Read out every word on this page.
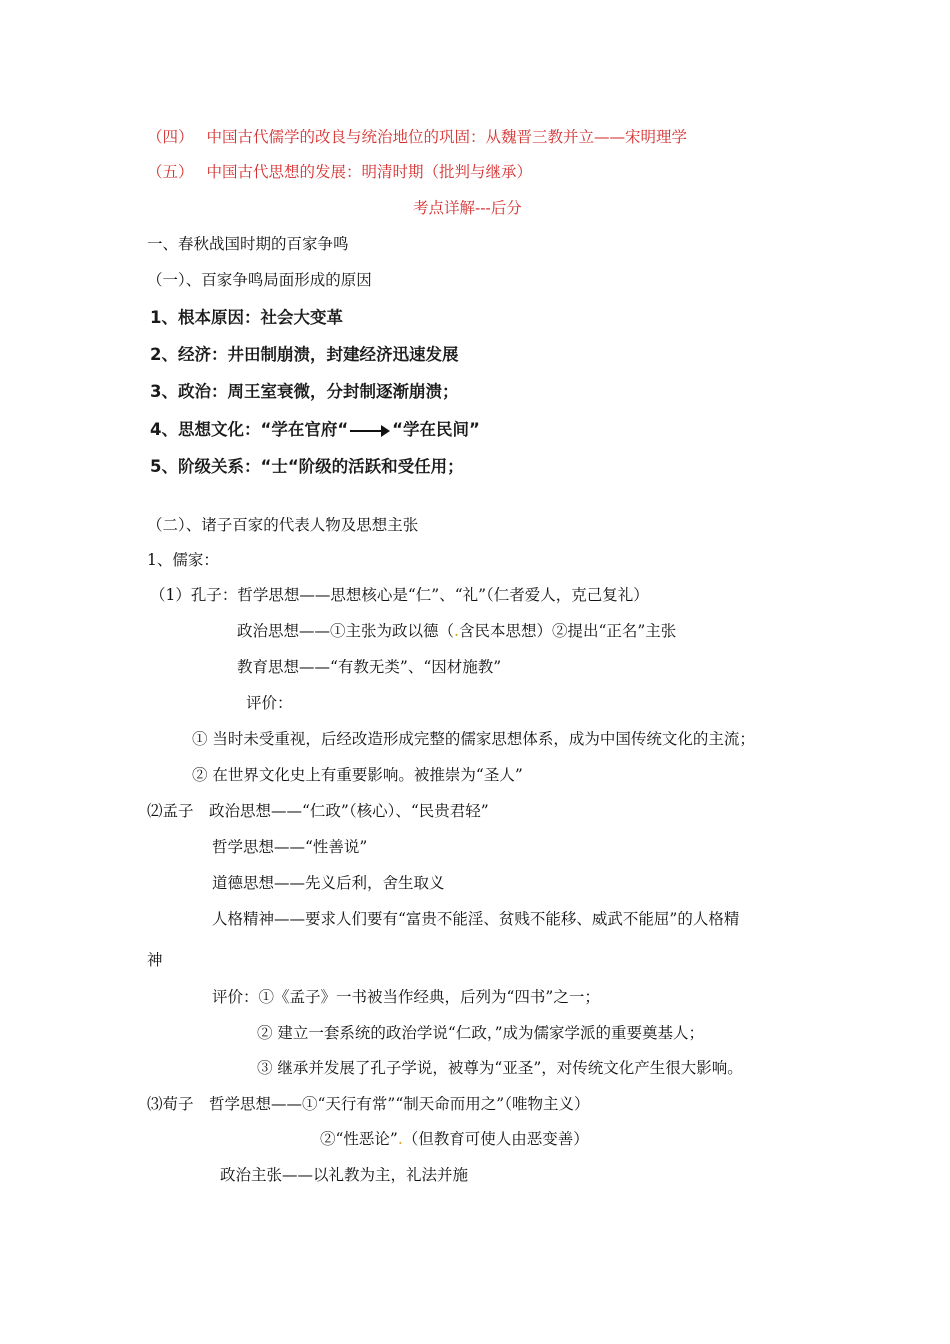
（四） 中国古代儒学的改良与统治地位的巩固：从魏晋三教并立——宋明理学
（五） 中国古代思想的发展：明清时期（批判与继承）
考点详解---后分
一、春秋战国时期的百家争鸣
（一）、百家争鸣局面形成的原因
1、根本原因：社会大变革
2、经济：井田制崩溃，封建经济迅速发展
3、政治：周王室衰微，分封制逐渐崩溃；
4、思想文化：“学在官府“	“学在民间”
5、阶级关系：“士“阶级的活跃和受任用；
（二）、诸子百家的代表人物及思想主张
1、儒家：
（1）孔子：哲学思想——思想核心是“仁”、“礼”（仁者爱人，克己复礼）
政治思想——①主张为政以德（.含民本思想）②提出“正名”主张
教育思想——“有教无类”、“因材施教”
评价：
① 当时未受重视，后经改造形成完整的儒家思想体系，成为中国传统文化的主流；
② 在世界文化史上有重要影响。被推崇为“圣人”
⑵孟子　政治思想——“仁政”（核心）、“民贵君轻”
哲学思想——“性善说”
道德思想——先义后利，舍生取义
人格精神——要求人们要有“富贵不能淫、贫贱不能移、威武不能屈”的人格精
神
评价：①《孟子》一书被当作经典，后列为“四书”之一；
② 建立一套系统的政治学说“仁政，”成为儒家学派的重要奠基人；
③ 继承并发展了孔子学说，被尊为“亚圣”，对传统文化产生很大影响。
⑶荀子　哲学思想——①“天行有常”“制天命而用之”（唯物主义）
②“性恶论”.（但教育可使人由恶变善）
政治主张——以礼教为主，礼法并施
